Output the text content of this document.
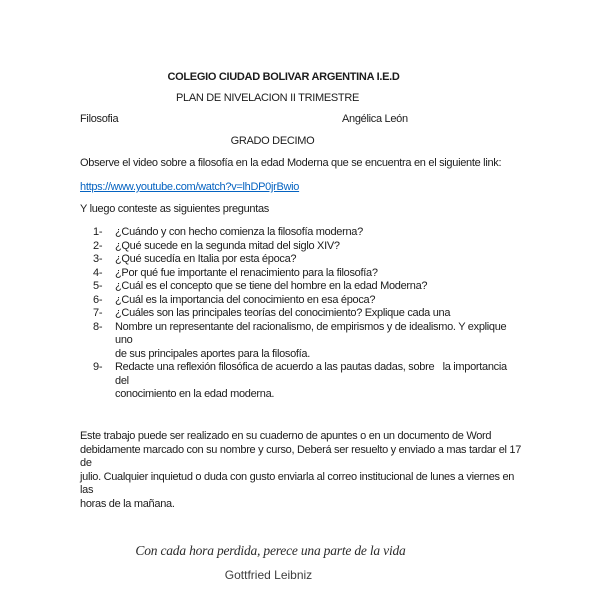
COLEGIO CIUDAD BOLIVAR ARGENTINA I.E.D
PLAN DE NIVELACION II TRIMESTRE
Filosofia	Angélica León
GRADO DECIMO
Observe el video sobre a filosofía en la edad Moderna que se encuentra en el siguiente link:
https://www.youtube.com/watch?v=lhDP0jrBwio
Y luego conteste as siguientes preguntas
1-	¿Cuándo y con hecho comienza la filosofía moderna?
2-	¿Qué sucede en la segunda mitad del siglo XIV?
3-	¿Qué sucedía en Italia por esta época?
4-	¿Por qué fue importante el renacimiento para la filosofía?
5-	¿Cuál es el concepto que se tiene del hombre en la edad Moderna?
6-	¿Cuál es la importancia del conocimiento en esa época?
7-	¿Cuáles son las principales teorías del conocimiento? Explique cada una
8-	Nombre un representante del racionalismo, de empirismos y de idealismo. Y explique uno
de sus principales aportes para la filosofía.
9-	Redacte una reflexión filosófica de acuerdo a las pautas dadas, sobre   la importancia del
conocimiento en la edad moderna.
Este trabajo puede ser realizado en su cuaderno de apuntes o en un documento de Word
debidamente marcado con su nombre y curso, Deberá ser resuelto y enviado a mas tardar el 17 de
julio. Cualquier inquietud o duda con gusto enviarla al correo institucional de lunes a viernes en las
horas de la mañana.
Con cada hora perdida, perece una parte de la vida
Gottfried Leibniz
